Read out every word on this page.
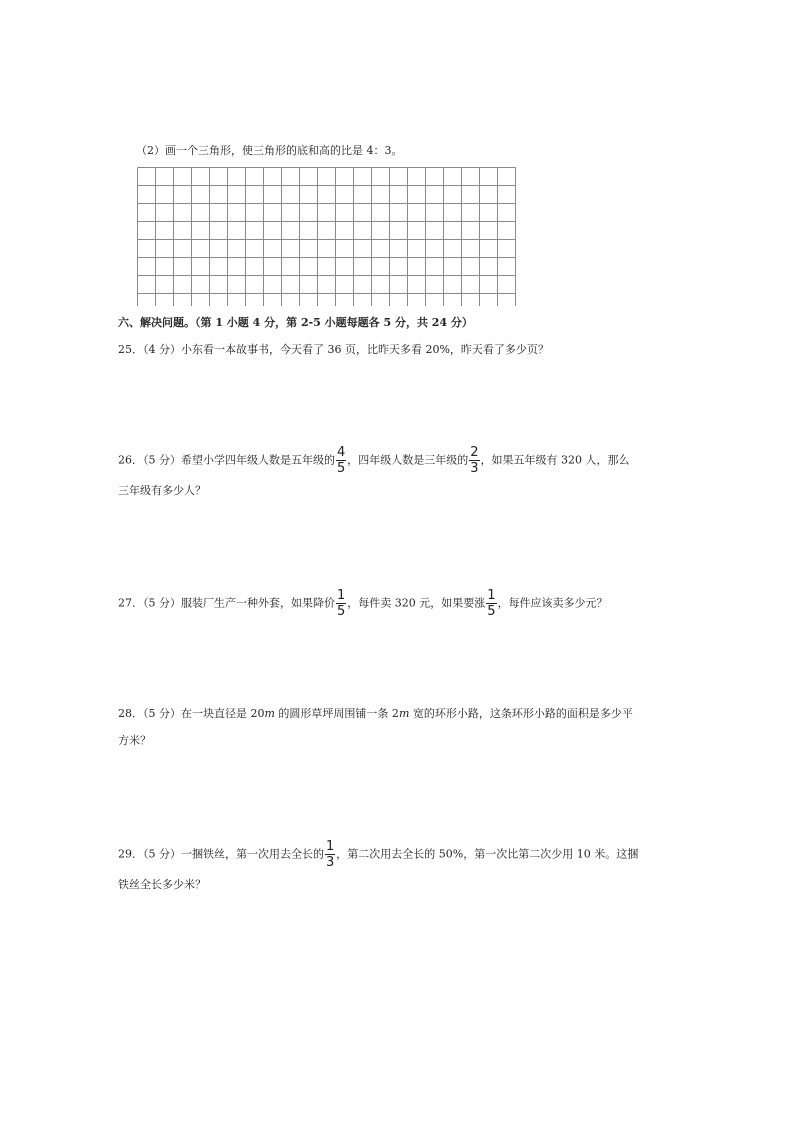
（2）画一个三角形，使三角形的底和高的比是 4：3。
六、解决问题。（第 1 小题 4 分，第 2-5 小题每题各 5 分，共 24 分）
25．（4 分）小东看一本故事书，今天看了 36 页，比昨天多看 20%，昨天看了多少页？
26．（5 分）希望小学四年级人数是五年级的 $\frac{4}{5}$ ，四年级人数是三年级的 $\frac{2}{3}$ ，如果五年级有 320 人，那么
三年级有多少人？
27．（5 分）服装厂生产一种外套，如果降价 $\frac{1}{5}$ ，每件卖 320 元，如果要涨 $\frac{1}{5}$ ，每件应该卖多少元？
28．（5 分）在一块直径是 20m 的圆形草坪周围铺一条 2m 宽的环形小路，这条环形小路的面积是多少平
方米？
29．（5 分）一捆铁丝，第一次用去全长的 $\frac{1}{3}$ ，第二次用去全长的 50%，第一次比第二次少用 10 米。这捆
铁丝全长多少米？
